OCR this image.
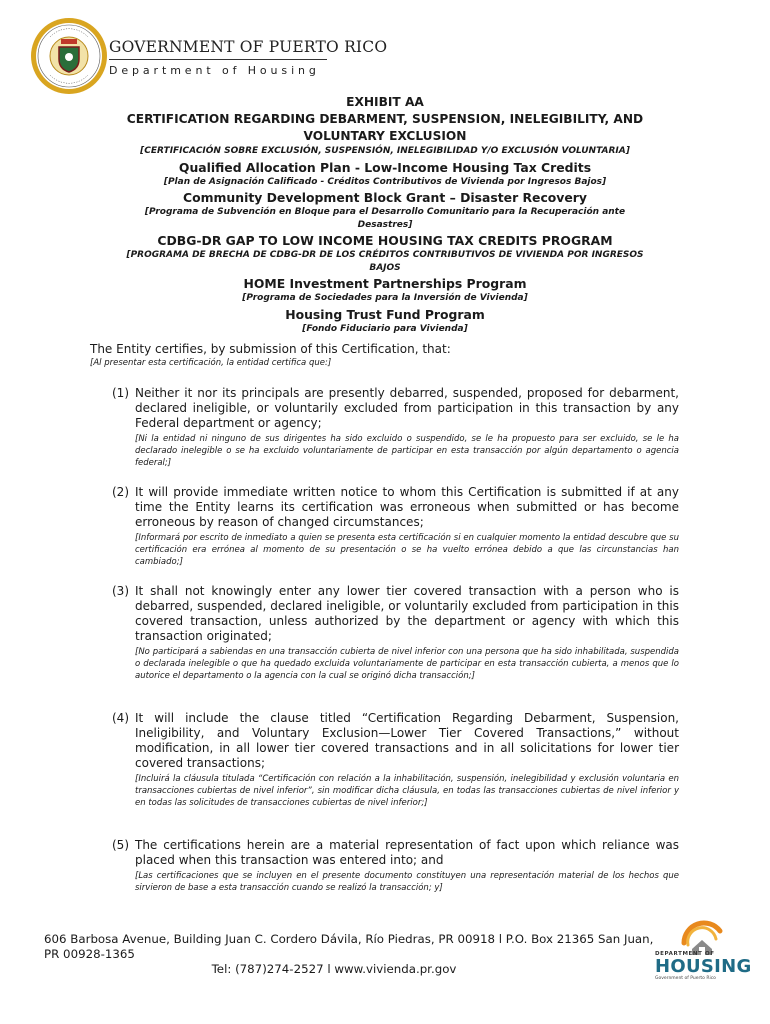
GOVERNMENT OF PUERTO RICO
Department of Housing
EXHIBIT AA
CERTIFICATION REGARDING DEBARMENT, SUSPENSION, INELEGIBILITY, AND
VOLUNTARY EXCLUSION
[CERTIFICACIÓN SOBRE EXCLUSIÓN, SUSPENSIÓN, INELEGIBILIDAD Y/O EXCLUSIÓN VOLUNTARIA]
Qualified Allocation Plan - Low-Income Housing Tax Credits
[Plan de Asignación Calificado - Créditos Contributivos de Vivienda por Ingresos Bajos]
Community Development Block Grant – Disaster Recovery
[Programa de Subvención en Bloque para el Desarrollo Comunitario para la Recuperación ante
Desastres]
CDBG-DR GAP TO LOW INCOME HOUSING TAX CREDITS PROGRAM
[PROGRAMA DE BRECHA DE CDBG-DR DE LOS CRÉDITOS CONTRIBUTIVOS DE VIVIENDA POR INGRESOS
BAJOS
HOME Investment Partnerships Program
[Programa de Sociedades para la Inversión de Vivienda]
Housing Trust Fund Program
[Fondo Fiduciario para Vivienda]
The Entity certifies, by submission of this Certification, that:
[Al presentar esta certificación, la entidad certifica que:]
(1) Neither it nor its principals are presently debarred, suspended, proposed for debarment, declared ineligible, or voluntarily excluded from participation in this transaction by any Federal department or agency;
[Ni la entidad ni ninguno de sus dirigentes ha sido excluido o suspendido, se le ha propuesto para ser excluido, se le ha declarado inelegible o se ha excluido voluntariamente de participar en esta transacción por algún departamento o agencia federal;]
(2) It will provide immediate written notice to whom this Certification is submitted if at any time the Entity learns its certification was erroneous when submitted or has become erroneous by reason of changed circumstances;
[Informará por escrito de inmediato a quien se presenta esta certificación si en cualquier momento la entidad descubre que su certificación era errónea al momento de su presentación o se ha vuelto errónea debido a que las circunstancias han cambiado;]
(3) It shall not knowingly enter any lower tier covered transaction with a person who is debarred, suspended, declared ineligible, or voluntarily excluded from participation in this covered transaction, unless authorized by the department or agency with which this transaction originated;
[No participará a sabiendas en una transacción cubierta de nivel inferior con una persona que ha sido inhabilitada, suspendida o declarada inelegible o que ha quedado excluida voluntariamente de participar en esta transacción cubierta, a menos que lo autorice el departamento o la agencia con la cual se originó dicha transacción;]
(4) It will include the clause titled “Certification Regarding Debarment, Suspension, Ineligibility, and Voluntary Exclusion—Lower Tier Covered Transactions,” without modification, in all lower tier covered transactions and in all solicitations for lower tier covered transactions;
[Incluirá la cláusula titulada “Certificación con relación a la inhabilitación, suspensión, inelegibilidad y exclusión voluntaria en transacciones cubiertas de nivel inferior”, sin modificar dicha cláusula, en todas las transacciones cubiertas de nivel inferior y en todas las solicitudes de transacciones cubiertas de nivel inferior;]
(5) The certifications herein are a material representation of fact upon which reliance was placed when this transaction was entered into; and
[Las certificaciones que se incluyen en el presente documento constituyen una representación material de los hechos que sirvieron de base a esta transacción cuando se realizó la transacción; y]
606 Barbosa Avenue, Building Juan C. Cordero Dávila, Río Piedras, PR 00918 l P.O. Box 21365 San Juan, PR 00928-1365
Tel: (787)274-2527 l www.vivienda.pr.gov
DEPARTMENT OF
HOUSING
Government of Puerto Rico
